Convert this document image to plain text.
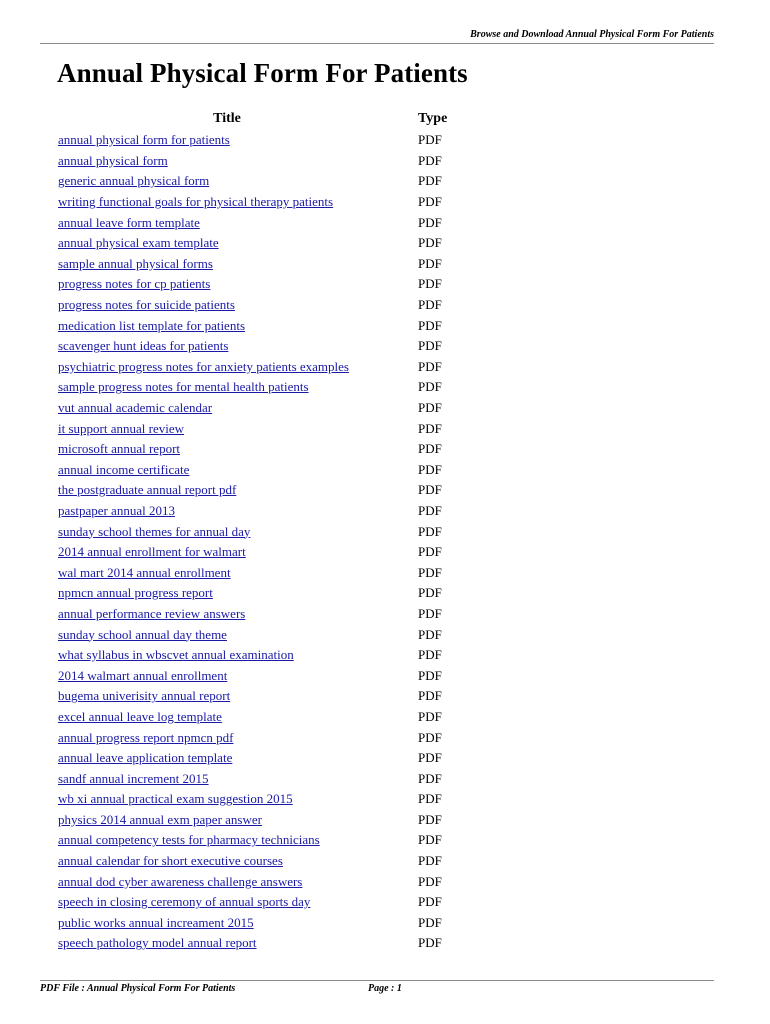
Browse and Download Annual Physical Form For Patients
Annual Physical Form For Patients
Title	Type
annual physical form for patients	PDF
annual physical form	PDF
generic annual physical form	PDF
writing functional goals for physical therapy patients	PDF
annual leave form template	PDF
annual physical exam template	PDF
sample annual physical forms	PDF
progress notes for cp patients	PDF
progress notes for suicide patients	PDF
medication list template for patients	PDF
scavenger hunt ideas for patients	PDF
psychiatric progress notes for anxiety patients examples	PDF
sample progress notes for mental health patients	PDF
vut annual academic calendar	PDF
it support annual review	PDF
microsoft annual report	PDF
annual income certificate	PDF
the postgraduate annual report pdf	PDF
pastpaper annual 2013	PDF
sunday school themes for annual day	PDF
2014 annual enrollment for walmart	PDF
wal mart 2014 annual enrollment	PDF
npmcn annual progress report	PDF
annual performance review answers	PDF
sunday school annual day theme	PDF
what syllabus in wbscvet annual examination	PDF
2014 walmart annual enrollment	PDF
bugema univerisity annual report	PDF
excel annual leave log template	PDF
annual progress report npmcn pdf	PDF
annual leave application template	PDF
sandf annual increment 2015	PDF
wb xi annual practical exam suggestion 2015	PDF
physics 2014 annual exm paper answer	PDF
annual competency tests for pharmacy technicians	PDF
annual calendar for short executive courses	PDF
annual dod cyber awareness challenge answers	PDF
speech in closing ceremony of annual sports day	PDF
public works annual increament 2015	PDF
speech pathology model annual report	PDF
PDF File : Annual Physical Form For Patients	Page : 1
